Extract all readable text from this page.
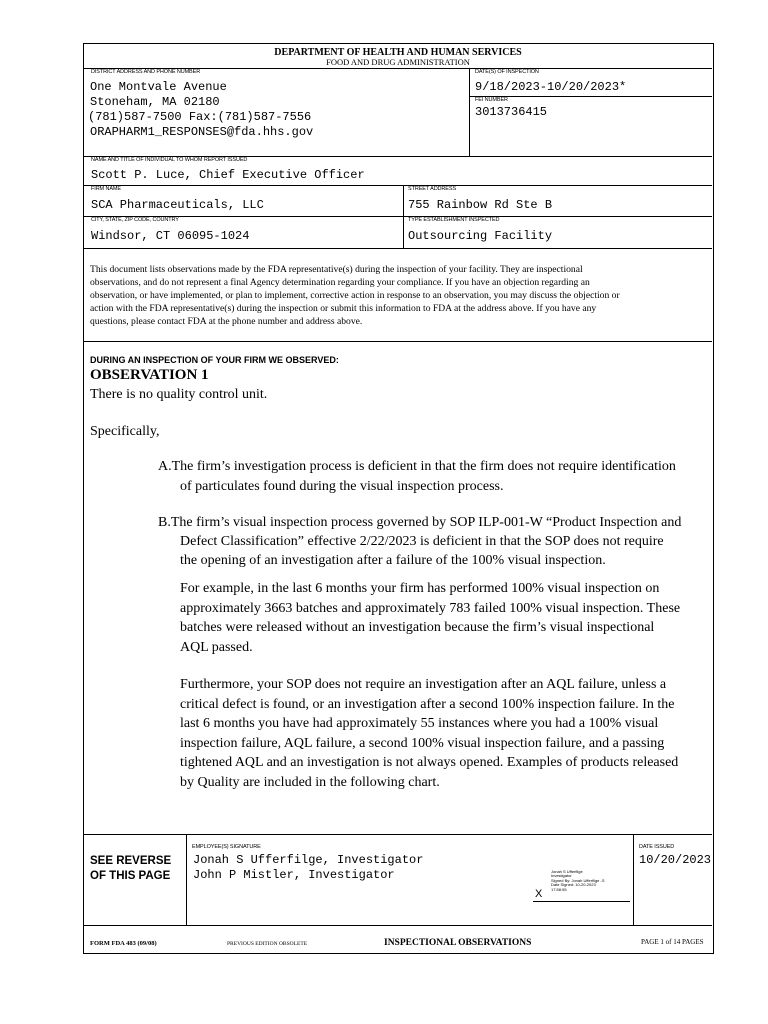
DEPARTMENT OF HEALTH AND HUMAN SERVICES
FOOD AND DRUG ADMINISTRATION
DISTRICT ADDRESS AND PHONE NUMBER
One Montvale Avenue
Stoneham, MA 02180
(781)587-7500 Fax:(781)587-7556
ORAPHARM1_RESPONSES@fda.hhs.gov
DATE(S) OF INSPECTION
9/18/2023-10/20/2023*
FEI NUMBER
3013736415
NAME AND TITLE OF INDIVIDUAL TO WHOM REPORT ISSUED
Scott P. Luce, Chief Executive Officer
FIRM NAME
SCA Pharmaceuticals, LLC
STREET ADDRESS
755 Rainbow Rd Ste B
CITY, STATE, ZIP CODE, COUNTRY
Windsor, CT 06095-1024
TYPE ESTABLISHMENT INSPECTED
Outsourcing Facility
This document lists observations made by the FDA representative(s) during the inspection of your facility. They are inspectional
observations, and do not represent a final Agency determination regarding your compliance. If you have an objection regarding an
observation, or have implemented, or plan to implement, corrective action in response to an observation, you may discuss the objection or
action with the FDA representative(s) during the inspection or submit this information to FDA at the address above. If you have any
questions, please contact FDA at the phone number and address above.
DURING AN INSPECTION OF YOUR FIRM WE OBSERVED:
OBSERVATION 1
There is no quality control unit.
Specifically,
A.The firm’s investigation process is deficient in that the firm does not require identification
of particulates found during the visual inspection process.
B.The firm’s visual inspection process governed by SOP ILP-001-W “Product Inspection and
Defect Classification” effective 2/22/2023 is deficient in that the SOP does not require
the opening of an investigation after a failure of the 100% visual inspection.
For example, in the last 6 months your firm has performed 100% visual inspection on
approximately 3663 batches and approximately 783 failed 100% visual inspection. These
batches were released without an investigation because the firm’s visual inspectional
AQL passed.
Furthermore, your SOP does not require an investigation after an AQL failure, unless a
critical defect is found, or an investigation after a second 100% inspection failure. In the
last 6 months you have had approximately 55 instances where you had a 100% visual
inspection failure, AQL failure, a second 100% visual inspection failure, and a passing
tightened AQL and an investigation is not always opened. Examples of products released
by Quality are included in the following chart.
SEE REVERSE
OF THIS PAGE
EMPLOYEE(S) SIGNATURE
Jonah S Ufferfilge, Investigator
John P Mistler, Investigator	Jonah S Ufferfilge
Investigator
Signed By: Jonah Ufferfilge -S
Date Signed: 10-20-2023
17:58:55
X
DATE ISSUED
10/20/2023
FORM FDA 483 (09/08)	PREVIOUS EDITION OBSOLETE	INSPECTIONAL OBSERVATIONS	PAGE 1 of 14 PAGES
